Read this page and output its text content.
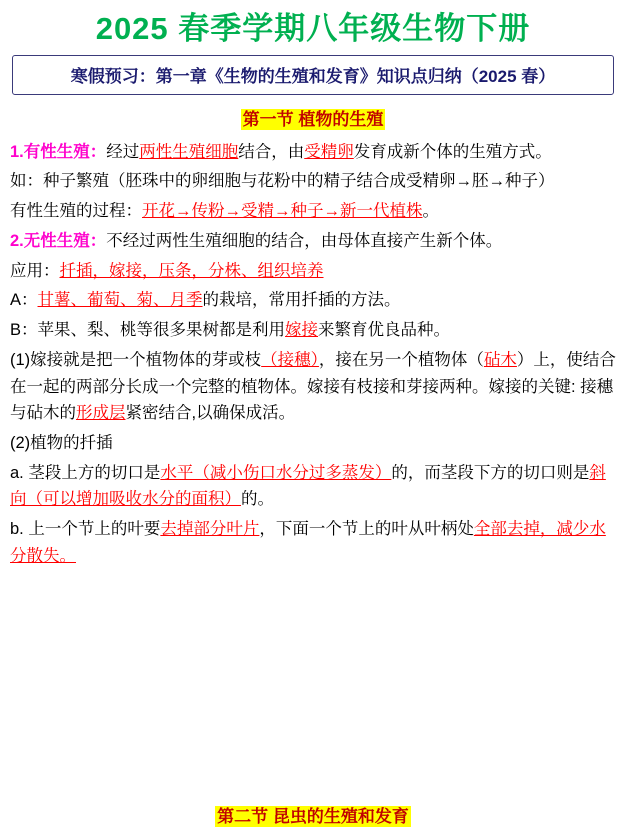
2025 春季学期八年级生物下册
寒假预习：第一章《生物的生殖和发育》知识点归纳（2025 春）
第一节 植物的生殖
1.有性生殖：经过两性生殖细胞结合，由受精卵发育成新个体的生殖方式。
如：种子繁殖（胚珠中的卵细胞与花粉中的精子结合成受精卵→胚→种子）
有性生殖的过程：开花→传粉→受精→种子→新一代植株。
2.无性生殖：不经过两性生殖细胞的结合，由母体直接产生新个体。
应用：扦插，嫁接，压条，分株、组织培养
A：甘薯、葡萄、菊、月季的栽培，常用扦插的方法。
B：苹果、梨、桃等很多果树都是利用嫁接来繁育优良品种。
(1)嫁接就是把一个植物体的芽或枝（接穗），接在另一个植物体（砧木）上，使结合在一起的两部分长成一个完整的植物体。嫁接有枝接和芽接两种。嫁接的关键: 接穗与砧木的形成层紧密结合,以确保成活。
(2)植物的扦插
a. 茎段上方的切口是水平（减小伤口水分过多蒸发）的，而茎段下方的切口则是斜向（可以增加吸收水分的面积）的。
b. 上一个节上的叶要去掉部分叶片，下面一个节上的叶从叶柄处全部去掉，减少水分散失。
第二节 昆虫的生殖和发育
